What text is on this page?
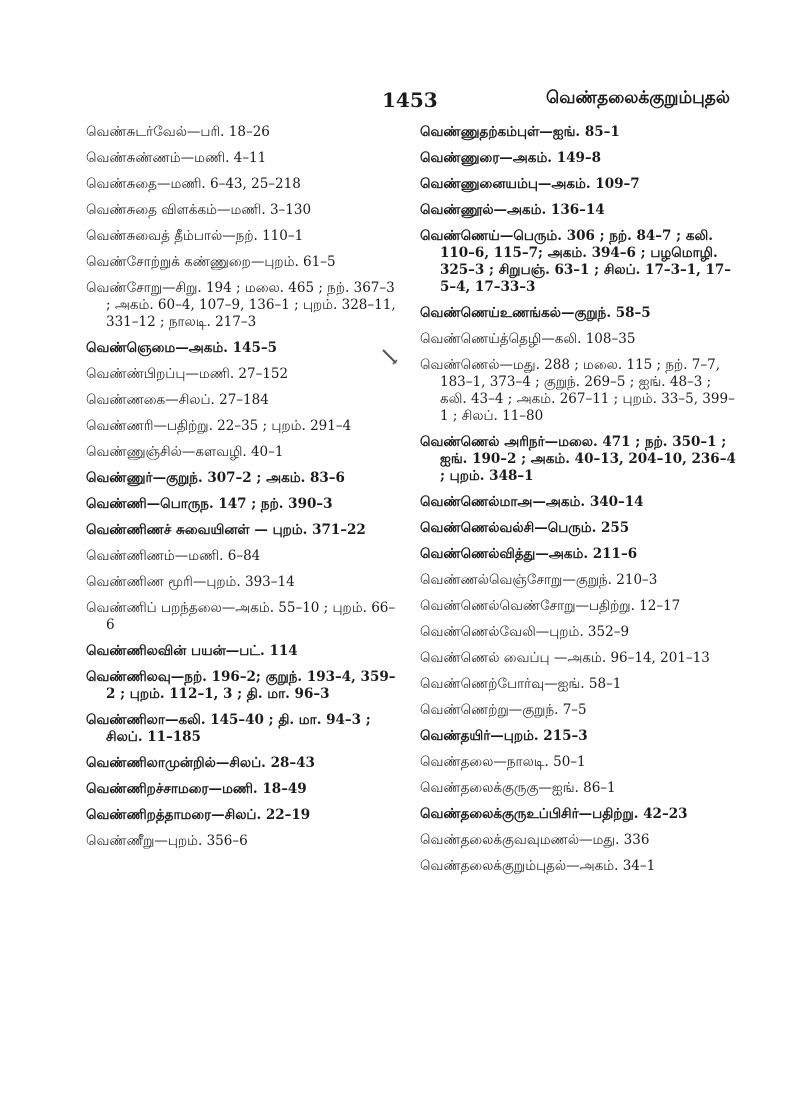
1453	வெண்தலைக்குறும்புதல்

வெண்சுடர்வேல்—பரி. 18–26

வெண்சுண்ணம்—மணி. 4–11

வெண்சுதை—மணி. 6–43, 25–218

வெண்சுதை விளக்கம்—மணி. 3–130

வெண்சுவைத் தீம்பால்—நற். 110–1

வெண்சோற்றுக் கண்ணுறை—புறம். 61–5

வெண்சோறு—சிறு. 194 ; மலை. 465 ; நற். 367–3 ; அகம். 60–4, 107–9, 136–1 ; புறம். 328–11, 331–12 ; நாலடி. 217–3

வெண்ஞெமை—அகம். 145–5

வெண்ண்பிறப்பு—மணி. 27–152

வெண்ணகை—சிலப். 27–184

வெண்ணரி—பதிற்று. 22–35 ; புறம். 291–4

வெண்ணுஞ்சில்—களவழி. 40–1

வெண்ணுர்—குறுந். 307–2 ; அகம். 83–6

வெண்ணி—பொருந. 147 ; நற். 390–3

வெண்ணிணச் சுவையினள் — புறம். 371–22

வெண்ணிணம்—மணி. 6–84

வெண்ணிண மூரி—புறம். 393–14

வெண்ணிப் பறந்தலை—அகம். 55–10 ; புறம். 66–6

வெண்ணிலவின் பயன்—பட். 114

வெண்ணிலவு—நற். 196–2; குறுந். 193–4, 359–2 ; புறம். 112–1, 3 ; தி. மா. 96–3

வெண்ணிலா—கலி. 145–40 ; தி. மா. 94–3 ; சிலப். 11–185

வெண்ணிலாமுன்றில்—சிலப். 28–43

வெண்ணிறச்சாமரை—மணி. 18–49

வெண்ணிறத்தாமரை—சிலப். 22–19

வெண்ணீறு—புறம். 356–6

வெண்ணுதற்கம்புள்—ஐங். 85–1

வெண்ணுரை—அகம். 149–8

வெண்ணுனையம்பு—அகம். 109–7

வெண்ணூல்—அகம். 136–14

வெண்ணெய்—பெரும். 306 ; நற். 84–7 ; கலி. 110–6, 115–7; அகம். 394–6 ; பழமொழி. 325–3 ; சிறுபஞ். 63–1 ; சிலப். 17–3–1, 17–5–4, 17–33–3

வெண்ணெய்உணங்கல்—குறுந். 58–5

வெண்ணெய்த்தெழி—கலி. 108–35

வெண்ணெல்—மது. 288 ; மலை. 115 ; நற். 7–7, 183–1, 373–4 ; குறுந். 269–5 ; ஐங். 48–3 ; கலி. 43–4 ; அகம். 267–11 ; புறம். 33–5, 399–1 ; சிலப். 11–80

வெண்ணெல் அரிநர்—மலை. 471 ; நற். 350–1 ; ஐங். 190–2 ; அகம். 40–13, 204–10, 236–4 ; புறம். 348–1

வெண்ணெல்மாஅ—அகம். 340–14

வெண்ணெல்வல்சி—பெரும். 255

வெண்ணெல்வித்து—அகம். 211–6

வெண்ணல்வெஞ்சோறு—குறுந். 210–3

வெண்ணெல்வெண்சோறு—பதிற்று. 12–17

வெண்ணெல்வேலி—புறம். 352–9

வெண்ணெல் வைப்பு —அகம். 96–14, 201–13

வெண்ணெற்போர்வு—ஐங். 58–1

வெண்ணெற்று—குறுந். 7–5

வெண்தயிர்—புறம். 215–3

வெண்தலை—நாலடி. 50–1

வெண்தலைக்குருகு—ஐங். 86–1

வெண்தலைக்குருஉப்பிசிர்—பதிற்று. 42–23

வெண்தலைக்குவவுமணல்—மது. 336

வெண்தலைக்குறும்புதல்—அகம். 34–1
